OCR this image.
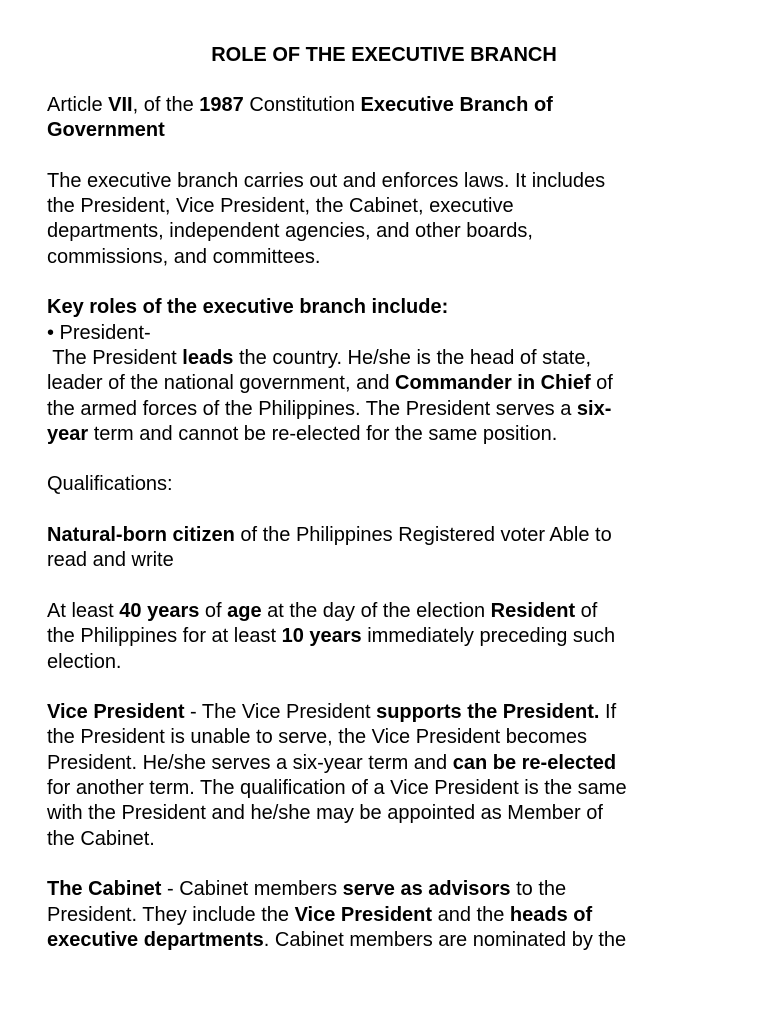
ROLE OF THE EXECUTIVE BRANCH

Article VII, of the 1987 Constitution Executive Branch of
Government

The executive branch carries out and enforces laws. It includes
the President, Vice President, the Cabinet, executive
departments, independent agencies, and other boards,
commissions, and committees.

Key roles of the executive branch include:
• President-
The President leads the country. He/she is the head of state,
leader of the national government, and Commander in Chief of
the armed forces of the Philippines. The President serves a six-
year term and cannot be re-elected for the same position.

Qualifications:

Natural-born citizen of the Philippines Registered voter Able to
read and write

At least 40 years of age at the day of the election Resident of
the Philippines for at least 10 years immediately preceding such
election.

Vice President - The Vice President supports the President. If
the President is unable to serve, the Vice President becomes
President. He/she serves a six-year term and can be re-elected
for another term. The qualification of a Vice President is the same
with the President and he/she may be appointed as Member of
the Cabinet.

The Cabinet - Cabinet members serve as advisors to the
President. They include the Vice President and the heads of
executive departments. Cabinet members are nominated by the
